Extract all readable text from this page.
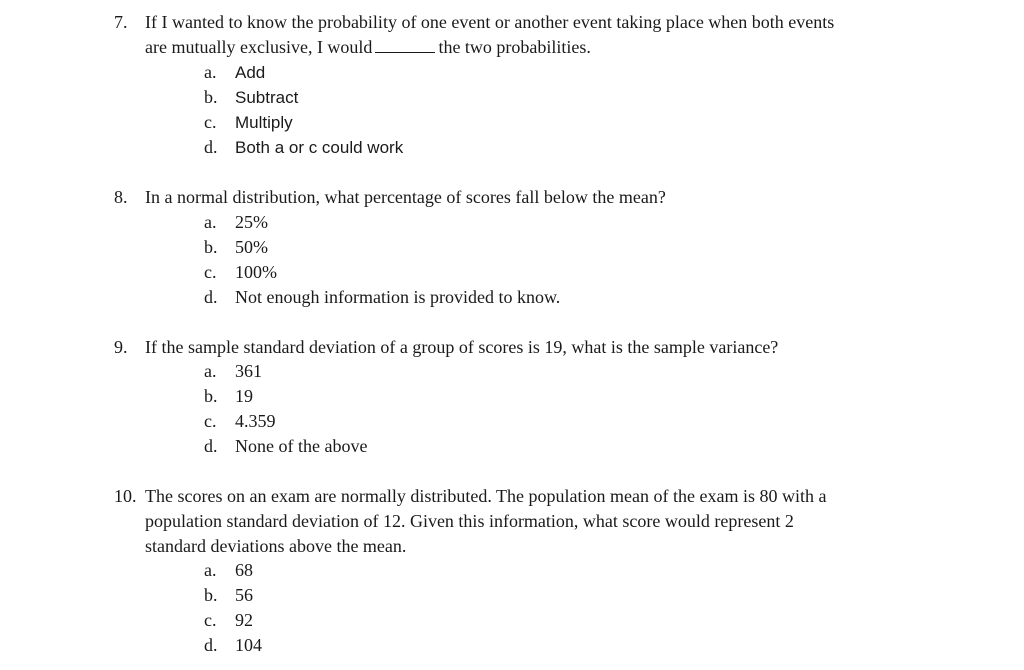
7. If I wanted to know the probability of one event or another event taking place when both events
are mutually exclusive, I would	the two probabilities.
a. Add
b. Subtract
c. Multiply
d. Both a or c could work
8. In a normal distribution, what percentage of scores fall below the mean?
a. 25%
b. 50%
c. 100%
d. Not enough information is provided to know.
9. If the sample standard deviation of a group of scores is 19, what is the sample variance?
a. 361
b. 19
c. 4.359
d. None of the above
10. The scores on an exam are normally distributed. The population mean of the exam is 80 with a
population standard deviation of 12. Given this information, what score would represent 2
standard deviations above the mean.
a. 68
b. 56
c. 92
d. 104
